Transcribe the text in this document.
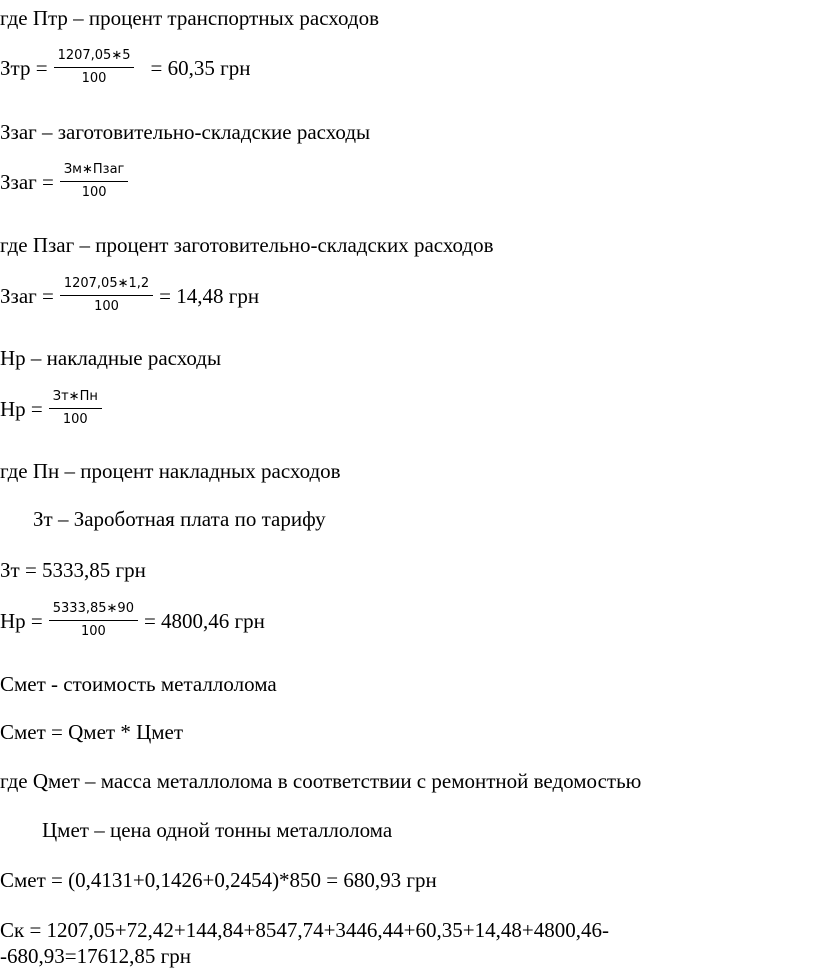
где Птр – процент транспортных расходов
Зтр = $\frac{1207,05∗5}{100} = 60,35$ грн
Ззаг – заготовительно-складские расходы
Ззаг = $\frac{\text{Зм∗Пзаг}}{100}$
где Пзаг – процент заготовительно-складских расходов
Ззаг = $\frac{1207,05∗1,2}{100} = 14,48$ грн
Нр – накладные расходы
Нр = $\frac{Зт∗Пн}{100}$
где Пн – процент накладных расходов
Зт – Зароботная плата по тарифу
Зт = 5333,85 грн
Нр = $\frac{5333,85∗90}{100} = 4800,46$ грн
Смет - стоимость металлолома
Смет = Qмет * Цмет
где Qмет – масса металлолома в соответствии с ремонтной ведомостью
Цмет – цена одной тонны металлолома
Смет = (0,4131+0,1426+0,2454)*850 = 680,93 грн
Ск = 1207,05+72,42+144,84+8547,74+3446,44+60,35+14,48+4800,46-
-680,93=17612,85 грн
